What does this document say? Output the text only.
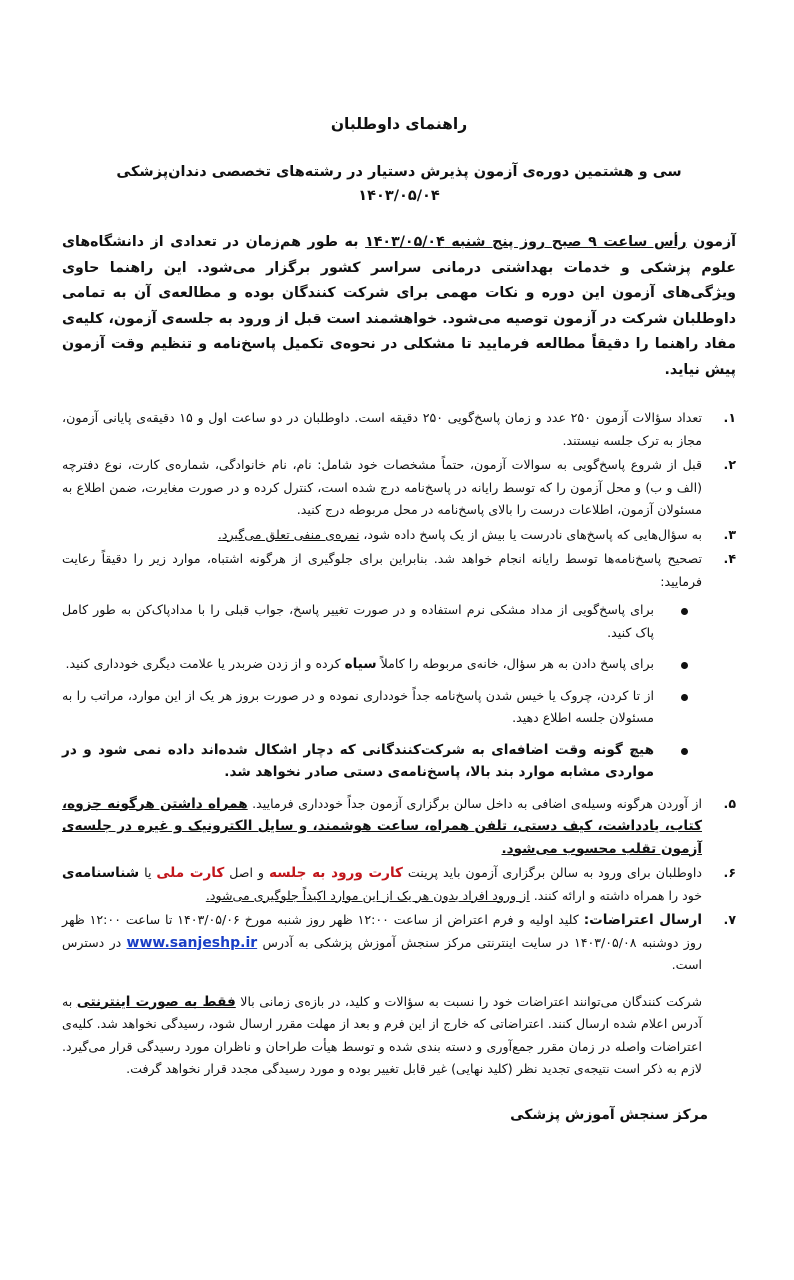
راهنمای داوطلبان
سی و هشتمین دوره‌ی آزمون پذیرش دستیار در رشته‌های تخصصی دندان‌پزشکی
۱۴۰۳/۰۵/۰۴

آزمون رأس ساعت ۹ صبح روز پنج شنبه ۱۴۰۳/۰۵/۰۴ به طور هم‌زمان در تعدادی از دانشگاه‌های علوم پزشکی و خدمات بهداشتی درمانی سراسر کشور برگزار می‌شود. این راهنما حاوی ویژگی‌های آزمون این دوره و نکات مهمی برای شرکت کنندگان بوده و مطالعه‌ی آن به تمامی داوطلبان شرکت در آزمون توصیه می‌شود. خواهشمند است قبل از ورود به جلسه‌ی آزمون، کلیه‌ی مفاد راهنما را دقیقاً مطالعه فرمایید تا مشکلی در نحوه‌ی تکمیل پاسخ‌نامه و تنظیم وقت آزمون پیش نیاید.

۱.
تعداد سؤالات آزمون ۲۵۰ عدد و زمان پاسخ‌گویی ۲۵۰ دقیقه است. داوطلبان در دو ساعت اول و ۱۵ دقیقه‌ی پایانی آزمون، مجاز به ترک جلسه نیستند.
۲.
قبل از شروع پاسخ‌گویی به سوالات آزمون، حتماً مشخصات خود شامل: نام، نام خانوادگی، شماره‌ی کارت، نوع دفترچه (الف و ب) و محل آزمون را که توسط رایانه در پاسخ‌نامه درج شده است، کنترل کرده و در صورت مغایرت، ضمن اطلاع به مسئولان آزمون، اطلاعات درست را بالای پاسخ‌نامه در محل مربوطه درج کنید.
۳.
به سؤال‌هایی که پاسخ‌های نادرست یا بیش از یک پاسخ داده شود، نمره‌ی منفی تعلق می‌گیرد.
۴.
تصحیح پاسخ‌نامه‌ها توسط رایانه انجام خواهد شد. بنابراین برای جلوگیری از هرگونه اشتباه، موارد زیر را دقیقاً رعایت فرمایید:
برای پاسخ‌گویی از مداد مشکی نرم استفاده و در صورت تغییر پاسخ، جواب قبلی را با مدادپاک‌کن به طور کامل پاک کنید.
برای پاسخ دادن به هر سؤال، خانه‌ی مربوطه را کاملاً سیاه کرده و از زدن ضربدر یا علامت دیگری خودداری کنید.
از تا کردن، چروک یا خیس شدن پاسخ‌نامه جداً خودداری نموده و در صورت بروز هر یک از این موارد، مراتب را به مسئولان جلسه اطلاع دهید.
هیچ گونه وقت اضافه‌ای به شرکت‌کنندگانی که دچار اشکال شده‌اند داده نمی شود و در مواردی مشابه موارد بند بالا، پاسخ‌نامه‌ی دستی صادر نخواهد شد.
۵.
از آوردن هرگونه وسیله‌ی اضافی به داخل سالن برگزاری آزمون جداً خودداری فرمایید. همراه داشتن هرگونه جزوه، کتاب، یادداشت، کیف دستی، تلفن همراه، ساعت هوشمند، و سایل الکترونیک و غیره در جلسه‌ی آزمون تقلب محسوب می‌شود.
۶.
داوطلبان برای ورود به سالن برگزاری آزمون باید پرینت کارت ورود به جلسه و اصل کارت ملی یا شناسنامه‌ی خود را همراه داشته و ارائه کنند. از ورود افراد بدون هر یک از این موارد اکیداً جلوگیری می‌شود.
۷.
ارسال اعتراضات: کلید اولیه و فرم اعتراض از ساعت ۱۲:۰۰ ظهر روز شنبه مورخ ۱۴۰۳/۰۵/۰۶ تا ساعت ۱۲:۰۰ ظهر روز دوشنبه ۱۴۰۳/۰۵/۰۸ در سایت اینترنتی مرکز سنجش آموزش پزشکی به آدرس www.sanjeshp.ir در دسترس است.

شرکت کنندگان می‌توانند اعتراضات خود را نسبت به سؤالات و کلید، در بازه‌ی زمانی بالا فقط به صورت اینترنتی به آدرس اعلام شده ارسال کنند. اعتراضاتی که خارج از این فرم و بعد از مهلت مقرر ارسال شود، رسیدگی نخواهد شد. کلیه‌ی اعتراضات واصله در زمان مقرر جمع‌آوری و دسته بندی شده و توسط هیأت طراحان و ناظران مورد رسیدگی قرار می‌گیرد. لازم به ذکر است نتیجه‌ی تجدید نظر (کلید نهایی) غیر قابل تغییر بوده و مورد رسیدگی مجدد قرار نخواهد گرفت.

مرکز سنجش آموزش پزشکی
